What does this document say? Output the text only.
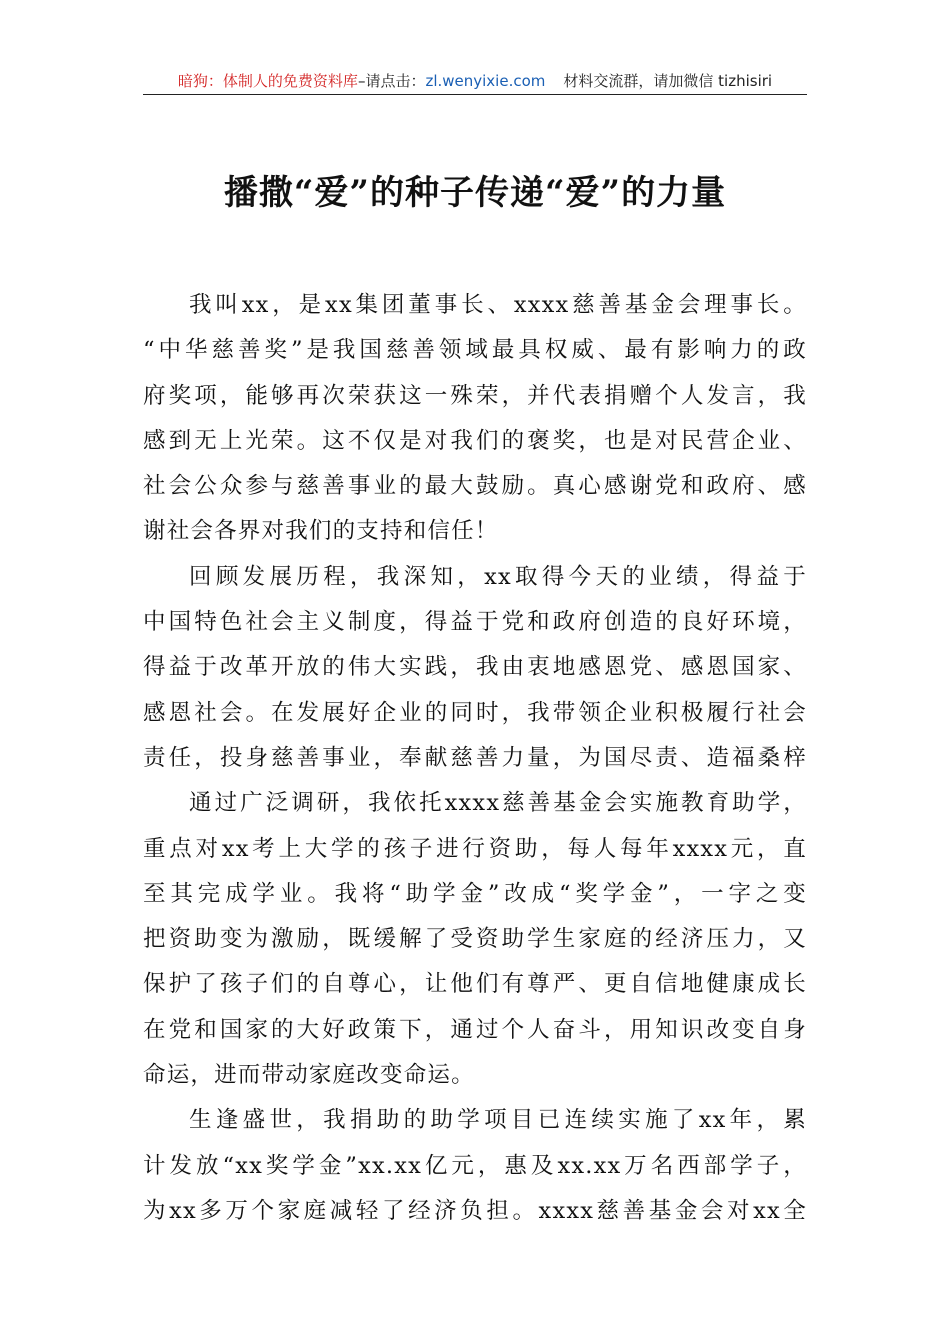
暗狗：体制人的免费资料库–请点击：zl.wenyixie.com 材料交流群，请加微信 tizhisiri
播撒“爱”的种子传递“爱”的力量
我叫xx，是xx集团董事长、xxxx慈善基金会理事长。
“中华慈善奖”是我国慈善领域最具权威、最有影响力的政
府奖项，能够再次荣获这一殊荣，并代表捐赠个人发言，我
感到无上光荣。这不仅是对我们的褒奖，也是对民营企业、
社会公众参与慈善事业的最大鼓励。真心感谢党和政府、感
谢社会各界对我们的支持和信任！
回顾发展历程，我深知，xx取得今天的业绩，得益于
中国特色社会主义制度，得益于党和政府创造的良好环境，
得益于改革开放的伟大实践，我由衷地感恩党、感恩国家、
感恩社会。在发展好企业的同时，我带领企业积极履行社会
责任，投身慈善事业，奉献慈善力量，为国尽责、造福桑梓
通过广泛调研，我依托xxxx慈善基金会实施教育助学，
重点对xx考上大学的孩子进行资助，每人每年xxxx元，直
至其完成学业。我将“助学金”改成“奖学金”，一字之变
把资助变为激励，既缓解了受资助学生家庭的经济压力，又
保护了孩子们的自尊心，让他们有尊严、更自信地健康成长
在党和国家的大好政策下，通过个人奋斗，用知识改变自身
命运，进而带动家庭改变命运。
生逢盛世，我捐助的助学项目已连续实施了xx年，累
计发放“xx奖学金”xx.xx亿元，惠及xx.xx万名西部学子，
为xx多万个家庭减轻了经济负担。xxxx慈善基金会对xx全
